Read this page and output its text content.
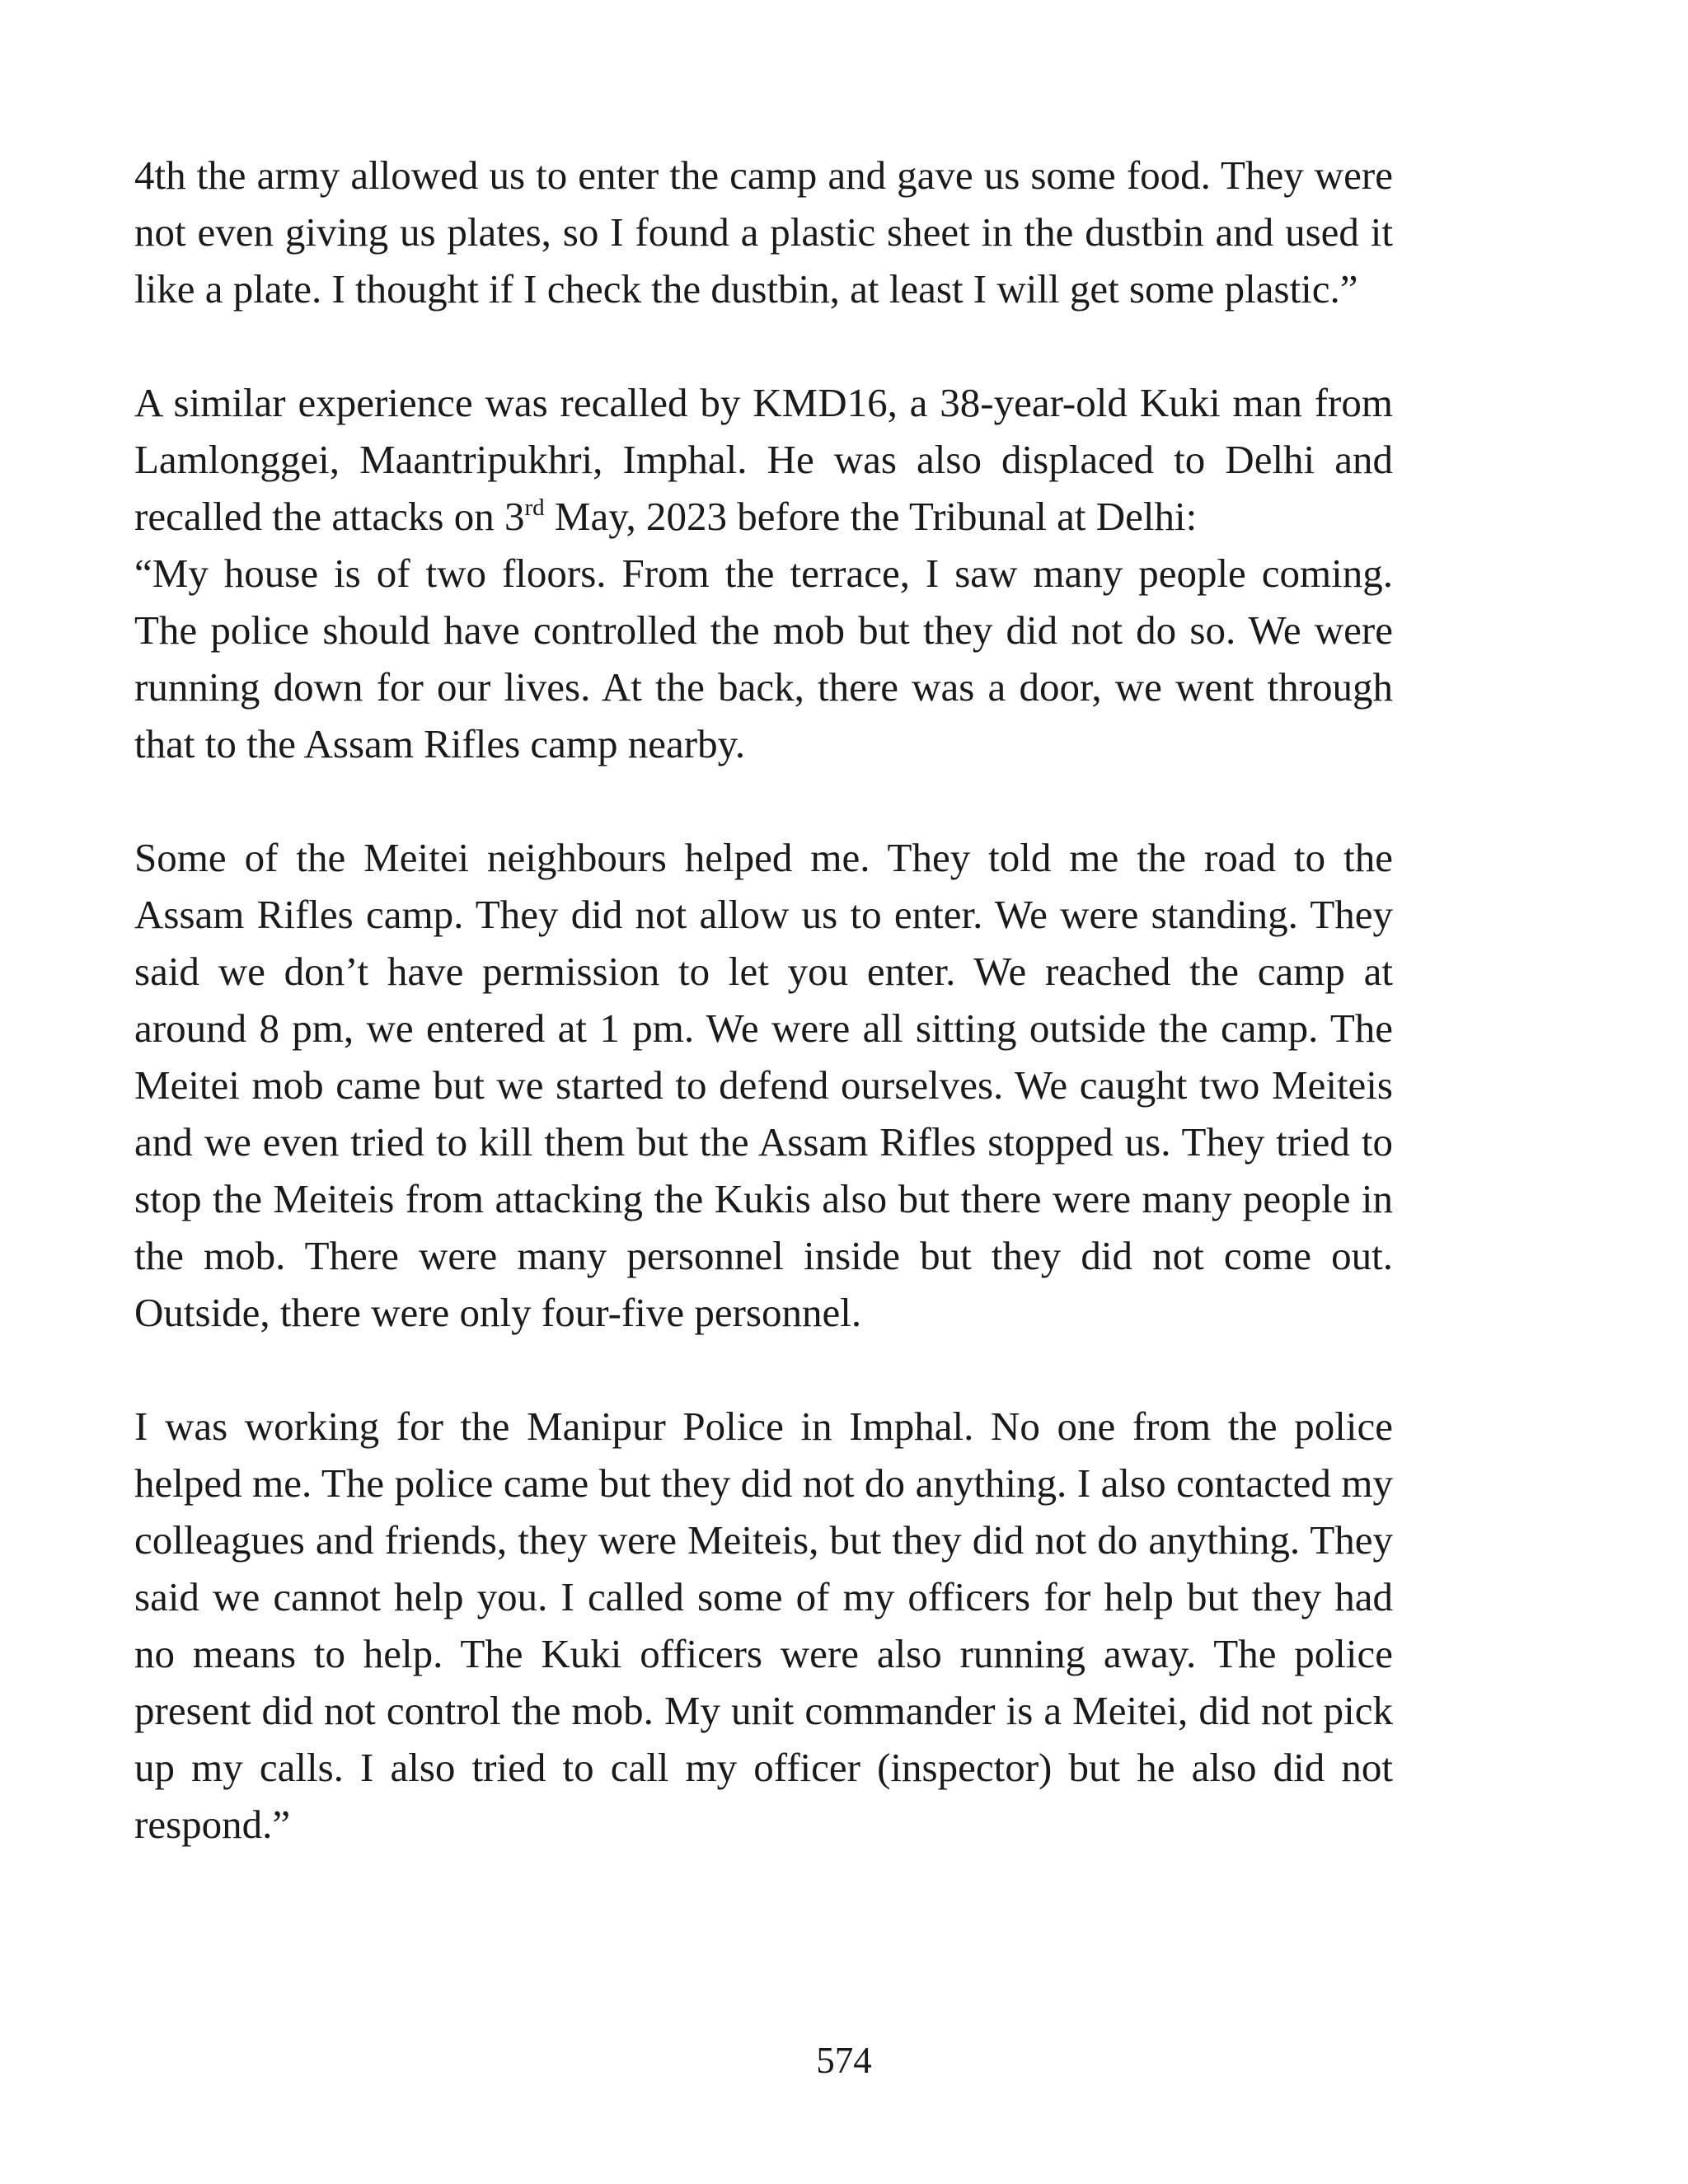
4th the army allowed us to enter the camp and gave us some food. They were not even giving us plates, so I found a plastic sheet in the dustbin and used it like a plate. I thought if I check the dustbin, at least I will get some plastic.”

A similar experience was recalled by KMD16, a 38-year-old Kuki man from Lamlonggei, Maantripukhri, Imphal. He was also displaced to Delhi and recalled the attacks on 3rd May, 2023 before the Tribunal at Delhi:

“My house is of two floors. From the terrace, I saw many people coming. The police should have controlled the mob but they did not do so. We were running down for our lives. At the back, there was a door, we went through that to the Assam Rifles camp nearby.

Some of the Meitei neighbours helped me. They told me the road to the Assam Rifles camp. They did not allow us to enter. We were standing. They said we don’t have permission to let you enter. We reached the camp at around 8 pm, we entered at 1 pm. We were all sitting outside the camp. The Meitei mob came but we started to defend ourselves. We caught two Meiteis and we even tried to kill them but the Assam Rifles stopped us. They tried to stop the Meiteis from attacking the Kukis also but there were many people in the mob. There were many personnel inside but they did not come out. Outside, there were only four-five personnel.

I was working for the Manipur Police in Imphal. No one from the police helped me. The police came but they did not do anything. I also contacted my colleagues and friends, they were Meiteis, but they did not do anything. They said we cannot help you. I called some of my officers for help but they had no means to help. The Kuki officers were also running away. The police present did not control the mob. My unit commander is a Meitei, did not pick up my calls. I also tried to call my officer (inspector) but he also did not respond.”

574
